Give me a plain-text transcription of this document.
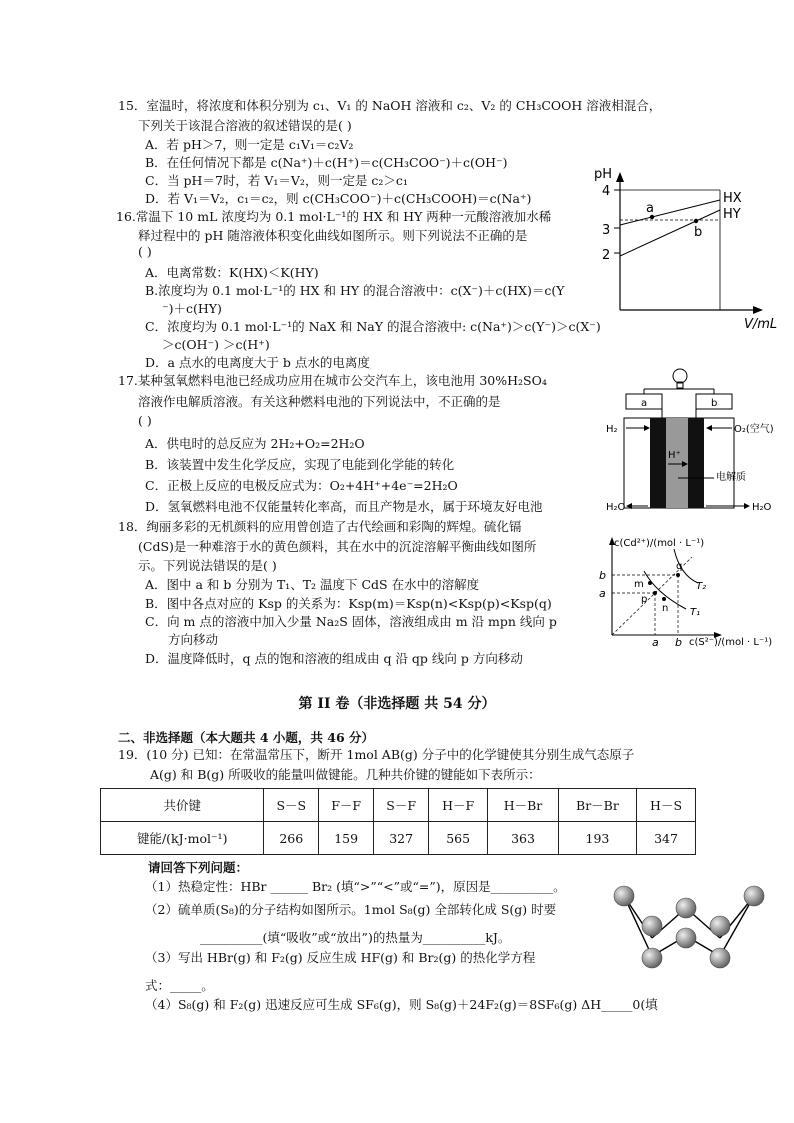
15．室温时，将浓度和体积分别为 c₁、V₁ 的 NaOH 溶液和 c₂、V₂ 的 CH₃COOH 溶液相混合，
下列关于该混合溶液的叙述错误的是( )
A．若 pH＞7，则一定是 c₁V₁＝c₂V₂
B．在任何情况下都是 c(Na⁺)＋c(H⁺)＝c(CH₃COO⁻)＋c(OH⁻)
C．当 pH＝7时，若 V₁＝V₂，则一定是 c₂＞c₁
D．若 V₁＝V₂，c₁＝c₂，则 c(CH₃COO⁻)＋c(CH₃COOH)＝c(Na⁺)
16.常温下 10 mL 浓度均为 0.1 mol·L⁻¹的 HX 和 HY 两种一元酸溶液加水稀
释过程中的 pH 随溶液体积变化曲线如图所示。则下列说法不正确的是
( )
A．电离常数：K(HX)＜K(HY)
B.浓度均为 0.1 mol·L⁻¹的 HX 和 HY 的混合溶液中：c(X⁻)＋c(HX)＝c(Y
⁻)＋c(HY)
C．浓度均为 0.1 mol·L⁻¹的 NaX 和 NaY 的混合溶液中: c(Na⁺)＞c(Y⁻)＞c(X⁻)
＞c(OH⁻) ＞c(H⁺)
D．a 点水的电离度大于 b 点水的电离度
17.某种氢氧燃料电池已经成功应用在城市公交汽车上，该电池用 30%H₂SO₄
溶液作电解质溶液。有关这种燃料电池的下列说法中，不正确的是
( )
A．供电时的总反应为 2H₂+O₂=2H₂O
B．该装置中发生化学反应，实现了电能到化学能的转化
C．正极上反应的电极反应式为：O₂+4H⁺+4e⁻=2H₂O
D．氢氧燃料电池不仅能量转化率高，而且产物是水，属于环境友好电池
18．绚丽多彩的无机颜料的应用曾创造了古代绘画和彩陶的辉煌。硫化镉
(CdS)是一种难溶于水的黄色颜料，其在水中的沉淀溶解平衡曲线如图所
示。下列说法错误的是( )
A．图中 a 和 b 分别为 T₁、T₂ 温度下 CdS 在水中的溶解度
B．图中各点对应的 Ksp 的关系为：Ksp(m)＝Ksp(n)<Ksp(p)<Ksp(q)
C．向 m 点的溶液中加入少量 Na₂S 固体，溶液组成由 m 沿 mpn 线向 p
方向移动
D．温度降低时，q 点的饱和溶液的组成由 q 沿 qp 线向 p 方向移动
第 II 卷（非选择题 共 54 分）
二、非选择题（本大题共 4 小题，共 46 分）
19．(10 分) 已知：在常温常压下，断开 1mol AB(g) 分子中的化学键使其分别生成气态原子
A(g) 和 B(g) 所吸收的能量叫做键能。几种共价键的键能如下表所示：
共价键	S－S	F－F	S－F	H－F	H－Br	Br－Br	H－S
键能/(kJ·mol⁻¹)	266	159	327	565	363	193	347
请回答下列问题：
（1）热稳定性：HBr ______ Br₂ (填“>”“<”或“=”)，原因是__________。
（2）硫单质(S₈)的分子结构如图所示。1mol S₈(g) 全部转化成 S(g) 时要
__________(填“吸收”或“放出”)的热量为__________kJ。
（3）写出 HBr(g) 和 F₂(g) 反应生成 HF(g) 和 Br₂(g) 的热化学方程
式：_____。
（4）S₈(g) 和 F₂(g) 迅速反应可生成 SF₆(g)，则 S₈(g)＋24F₂(g)＝8SF₆(g) ΔH_____0(填
pH
V/mL
4
3
2
a
b
HX
HY
a	b
H₂	O₂(空气)
H⁺
电解质
H₂O	H₂O
c(Cd²⁺)/(mol · L⁻¹)
c(S²⁻)/(mol · L⁻¹)
b
a
a b
m
p
n
q
T₂
T₁
